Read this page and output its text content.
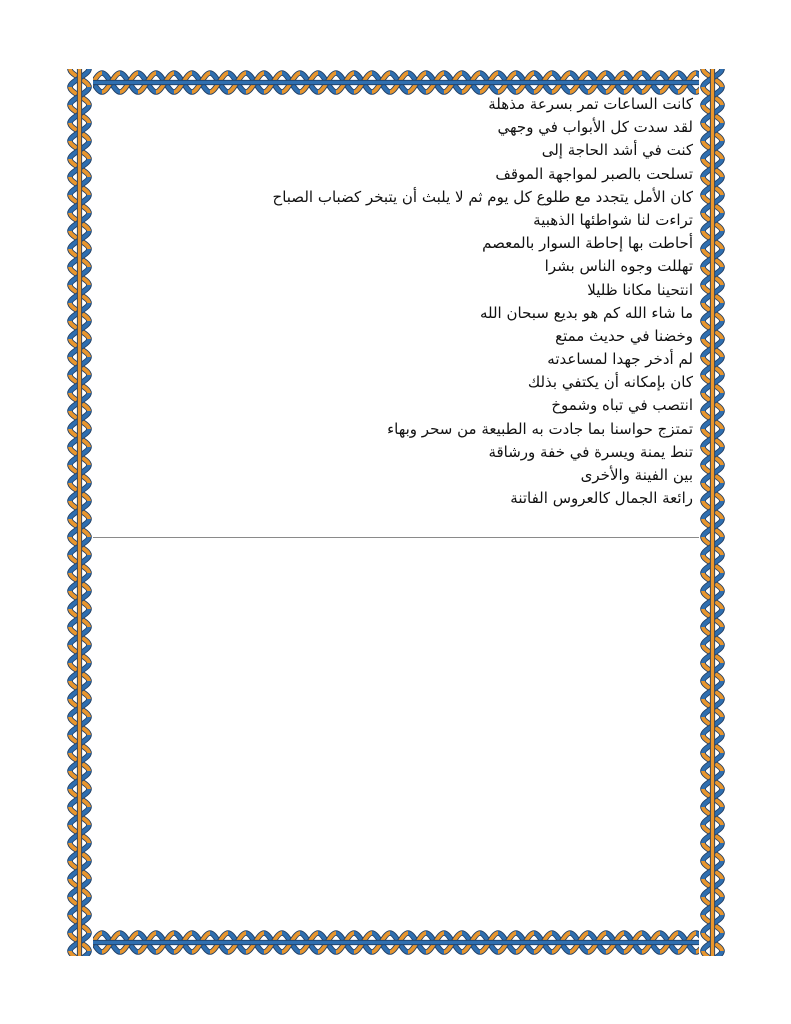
كانت الساعات تمر بسرعة مذهلة
لقد سدت كل الأبواب في وجهي
كنت في أشد الحاجة إلى
تسلحت بالصبر لمواجهة الموقف
كان الأمل يتجدد مع طلوع كل يوم ثم لا يلبث أن يتبخر كضباب الصباح
تراءت لنا شواطئها الذهبية
أحاطت بها إحاطة السوار بالمعصم
تهللت وجوه الناس بشرا
انتحينا مكانا ظليلا
ما شاء الله كم هو بديع سبحان الله
وخضنا في حديث ممتع
لم أدخر جهدا لمساعدته
كان بإمكانه أن يكتفي بذلك
انتصب في تباه وشموخ
تمتزج حواسنا بما جادت به الطبيعة من سحر وبهاء
تنط يمنة ويسرة في خفة ورشاقة
بين الفينة والأخرى
رائعة الجمال كالعروس الفاتنة
